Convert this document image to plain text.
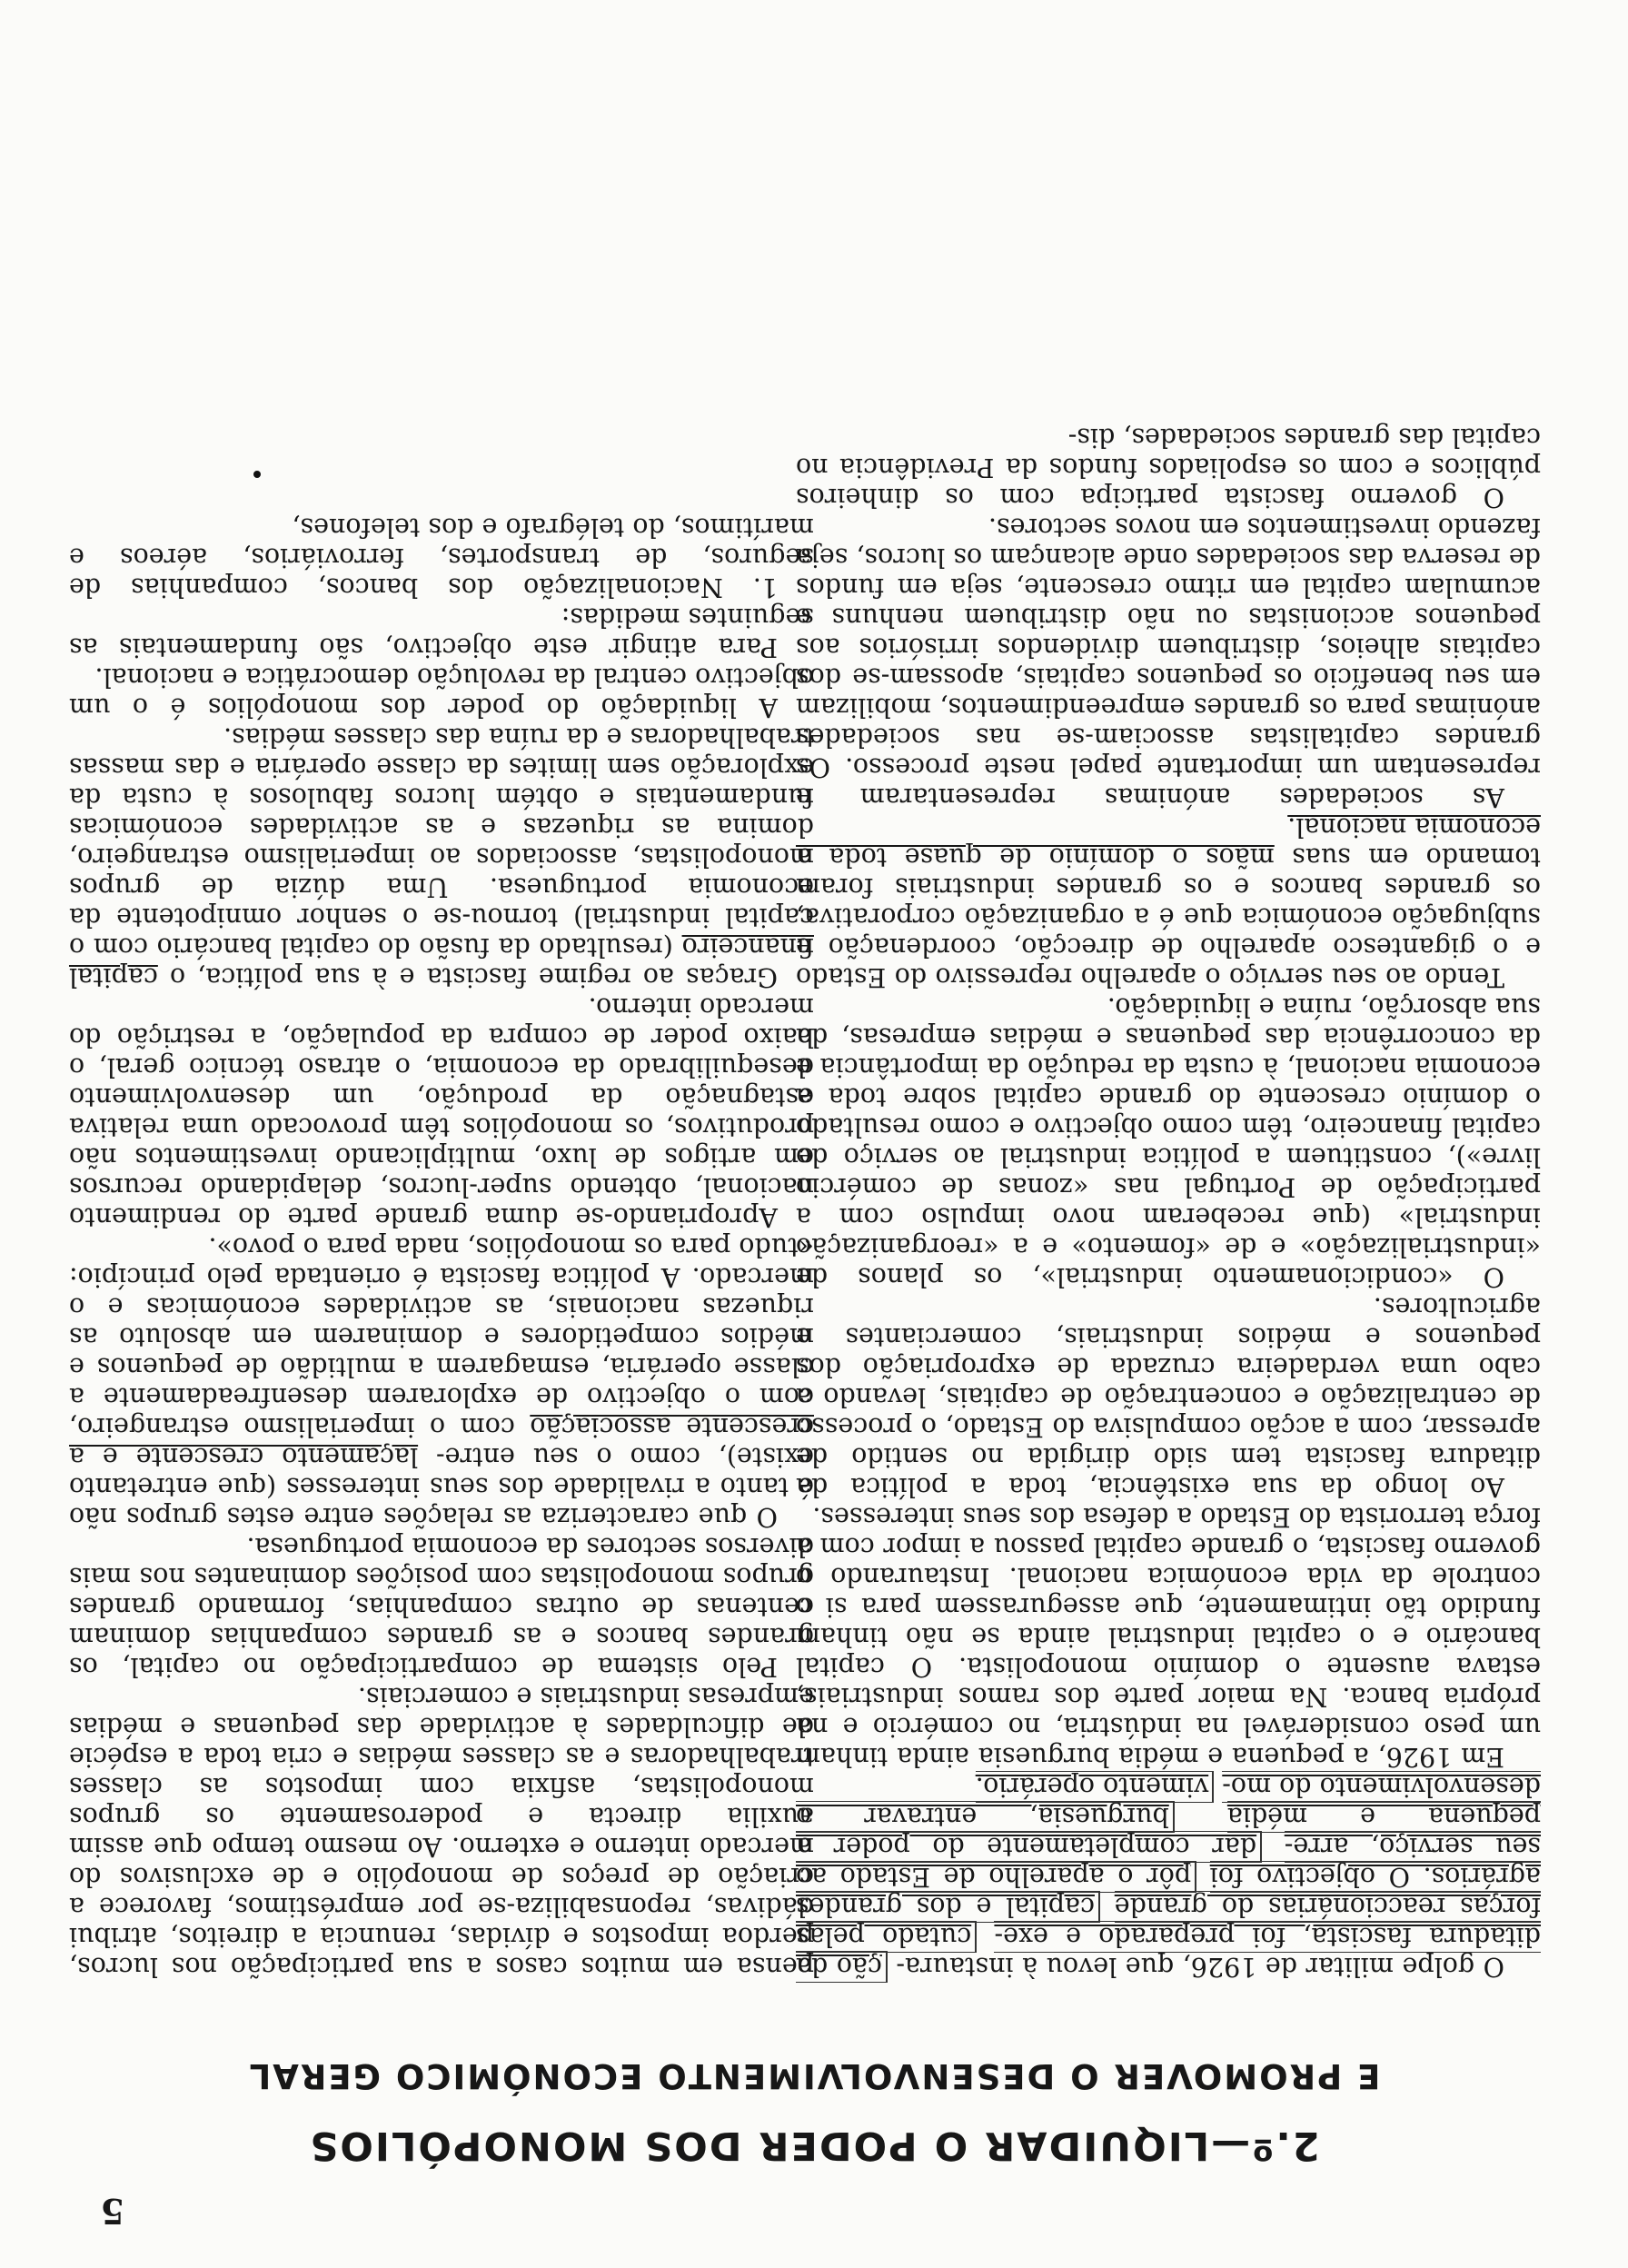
5
2.º—LIQUIDAR O PODER DOS MONOPÓLIOS
E PROMOVER O DESENVOLVIMENTO ECONÓMICO GERAL

O golpe militar de 1926, que levou à instaura- ção da ditadura fascista, foi preparado e exe- cutado pelas forças reaccionárias do grande capital e dos grandes agrários. O objectivo foi pôr o aparelho de Estado ao seu serviço, arre- dar completamente do poder a pequena e média burguesia, entravar o desenvolvimento do mo- vimento operário.

Em 1926, a pequena e média burguesia ainda tinham um peso considerável na indústria, no comércio e na própria banca. Na maior parte dos ramos industriais, estava ausente o domínio monopolista. O capital bancário e o capital industrial ainda se não tinham fundido tão intimamente, que assegurassem para si o controle da vida económica nacional. Instaurando o governo fascista, o grande capital passou a impor com a força terrorista do Estado a defesa dos seus interesses.

Ao longo da sua existência, toda a política da ditadura fascista tem sido dirigida no sentido de apressar, com a acção compulsiva do Estado, o processo de centralização e concentração de capitais, levando a cabo uma verdadeira cruzada de expropriação dos pequenos e médios industriais, comerciantes e agricultores.

O «condicionamento industrial», os planos de «industrialização» e de «fomento» e a «reorganização industrial» (que receberam novo impulso com a participação de Portugal nas «zonas de comércio livre»), constituem a política industrial ao serviço do capital financeiro, têm como objectivo e como resultado o domínio crescente do grande capital sobre toda a economia nacional, à custa da redução da importância e da concorrência das pequenas e médias empresas, da sua absorção, ruína e liquidação.

Tendo ao seu serviço o aparelho repressivo do Estado e o gigantesco aparelho de direcção, coordenação e subjugação económica que é a organização corporativa, os grandes bancos e os grandes industriais foram tomando em suas mãos o domínio de quase toda a economia nacional.

As sociedades anónimas representaram e representam um importante papel neste processo. Os grandes capitalistas associam-se nas sociedades anónimas para os grandes empreendimentos, mobilizam em seu benefício os pequenos capitais, apossam-se dos capitais alheios, distribuem dividendos irrisórios aos pequenos accionistas ou não distribuem nenhuns e acumulam capital em ritmo crescente, seja em fundos de reserva das sociedades onde alcançam os lucros, seja fazendo investimentos em novos sectores.

O governo fascista participa com os dinheiros públicos e com os espoliados fundos da Previdência no capital das grandes sociedades, dis-

pensa em muitos casos a sua participação nos lucros, perdoa impostos e dívidas, renuncia a direitos, atribui dádivas, reponsabiliza-se por empréstimos, favorece a criação de preços de monopólio e de exclusivos do mercado interno e externo. Ao mesmo tempo que assim auxilia directa e poderosamente os grupos monopolistas, asfixia com impostos as classes trabalhadoras e as classes médias e cria toda a espécie de dificuldades à actividade das pequenas e médias empresas industriais e comerciais.

Pelo sistema de comparticipação no capital, os grandes bancos e as grandes companhias dominam centenas de outras companhias, formando grandes grupos monopolistas com posições dominantes nos mais diversos sectores da economia portuguesa.

O que caracteriza as relações entre estes grupos não é tanto a rivalidade dos seus interesses (que entretanto existe), como o seu entre- laçamento crescente e a crescente associação com o imperialismo estrangeiro, com o objectivo de explorarem desenfreadamente a classe operária, esmagarem a multidão de pequenos e médios competidores e dominarem em absoluto as riquezas nacionais, as actividades económicas e o mercado. A política fascista é orientada pelo princípio: «tudo para os monopólios, nada para o povo».

Apropriando-se duma grande parte do rendimento nacional, obtendo super-lucros, delapidando recursos em artigos de luxo, multiplicando investimentos não produtivos, os monopólios têm provocado uma relativa estagnação da produção, um desenvolvimento desequilibrado da economia, o atraso técnico geral, o baixo poder de compra da população, a restrição do mercado interno.

Graças ao regime fascista e à sua política, o capital financeiro (resultado da fusão do capital bancário com o capital industrial) tornou-se o senhor omnipotente da economia portuguesa. Uma dúzia de grupos monopolistas, associados ao imperialismo estrangeiro, domina as riquezas e as actividades económicas fundamentais e obtém lucros fabulosos à custa da exploração sem limites da classe operária e das massas trabalhadoras e da ruína das classes médias.

A liquidação do poder dos monopólios é o um objectivo central da revolução democrática e nacional.

Para atingir este objectivo, são fundamentais as seguintes medidas:

1. Nacionalização dos bancos, companhias de seguros, de transportes, ferroviários, aéreos e marítimos, do telégrafo e dos telefones,
